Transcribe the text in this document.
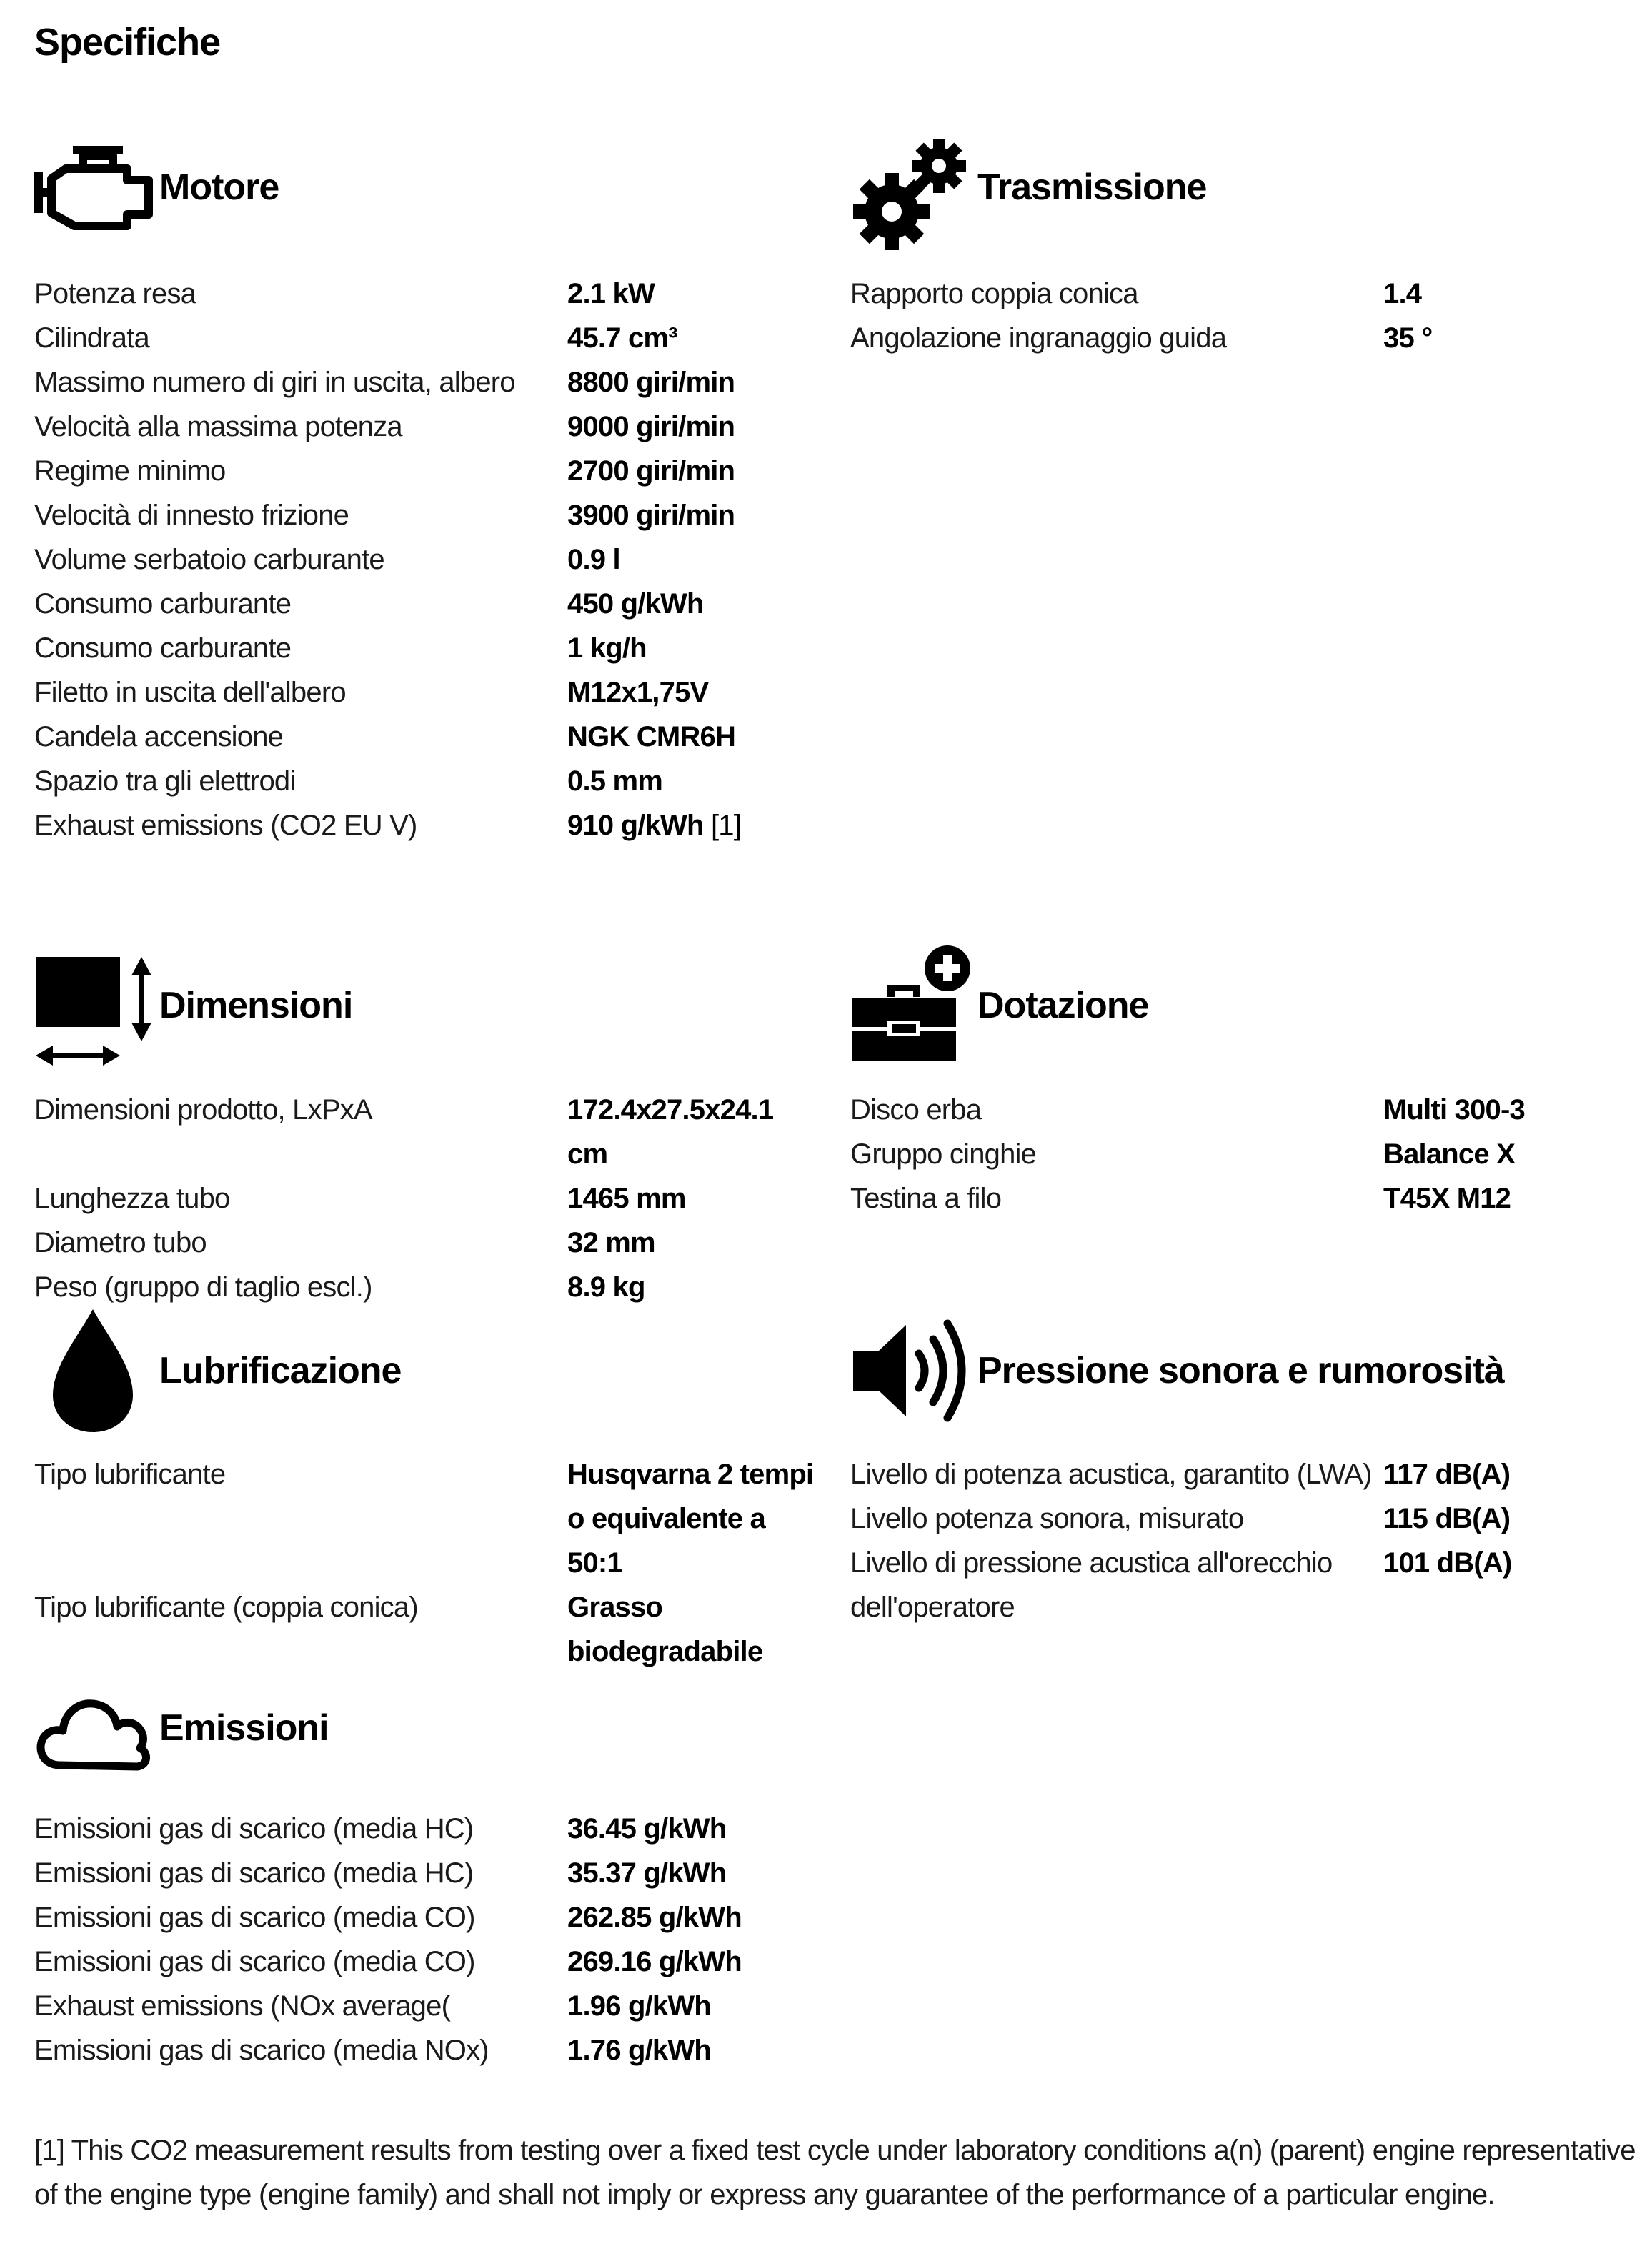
Specifiche
Motore
Potenza resa	2.1 kW
Cilindrata	45.7 cm³
Massimo numero di giri in uscita, albero	8800 giri/min
Velocità alla massima potenza	9000 giri/min
Regime minimo	2700 giri/min
Velocità di innesto frizione	3900 giri/min
Volume serbatoio carburante	0.9 l
Consumo carburante	450 g/kWh
Consumo carburante	1 kg/h
Filetto in uscita dell'albero	M12x1,75V
Candela accensione	NGK CMR6H
Spazio tra gli elettrodi	0.5 mm
Exhaust emissions (CO2 EU V)	910 g/kWh [1]
Trasmissione
Rapporto coppia conica	1.4
Angolazione ingranaggio guida	35 °
Dimensioni
Dimensioni prodotto, LxPxA	172.4x27.5x24.1 cm
Lunghezza tubo	1465 mm
Diametro tubo	32 mm
Peso (gruppo di taglio escl.)	8.9 kg
Dotazione
Disco erba	Multi 300-3
Gruppo cinghie	Balance X
Testina a filo	T45X M12
Lubrificazione
Tipo lubrificante	Husqvarna 2 tempi o equivalente a 50:1
Tipo lubrificante (coppia conica)	Grasso biodegradabile
Pressione sonora e rumorosità
Livello di potenza acustica, garantito (LWA)	117 dB(A)
Livello potenza sonora, misurato	115 dB(A)
Livello di pressione acustica all'orecchio dell'operatore	101 dB(A)
Emissioni
Emissioni gas di scarico (media HC)	36.45 g/kWh
Emissioni gas di scarico (media HC)	35.37 g/kWh
Emissioni gas di scarico (media CO)	262.85 g/kWh
Emissioni gas di scarico (media CO)	269.16 g/kWh
Exhaust emissions (NOx average(	1.96 g/kWh
Emissioni gas di scarico (media NOx)	1.76 g/kWh
[1] This CO2 measurement results from testing over a fixed test cycle under laboratory conditions a(n) (parent) engine representative of the engine type (engine family) and shall not imply or express any guarantee of the performance of a particular engine.
